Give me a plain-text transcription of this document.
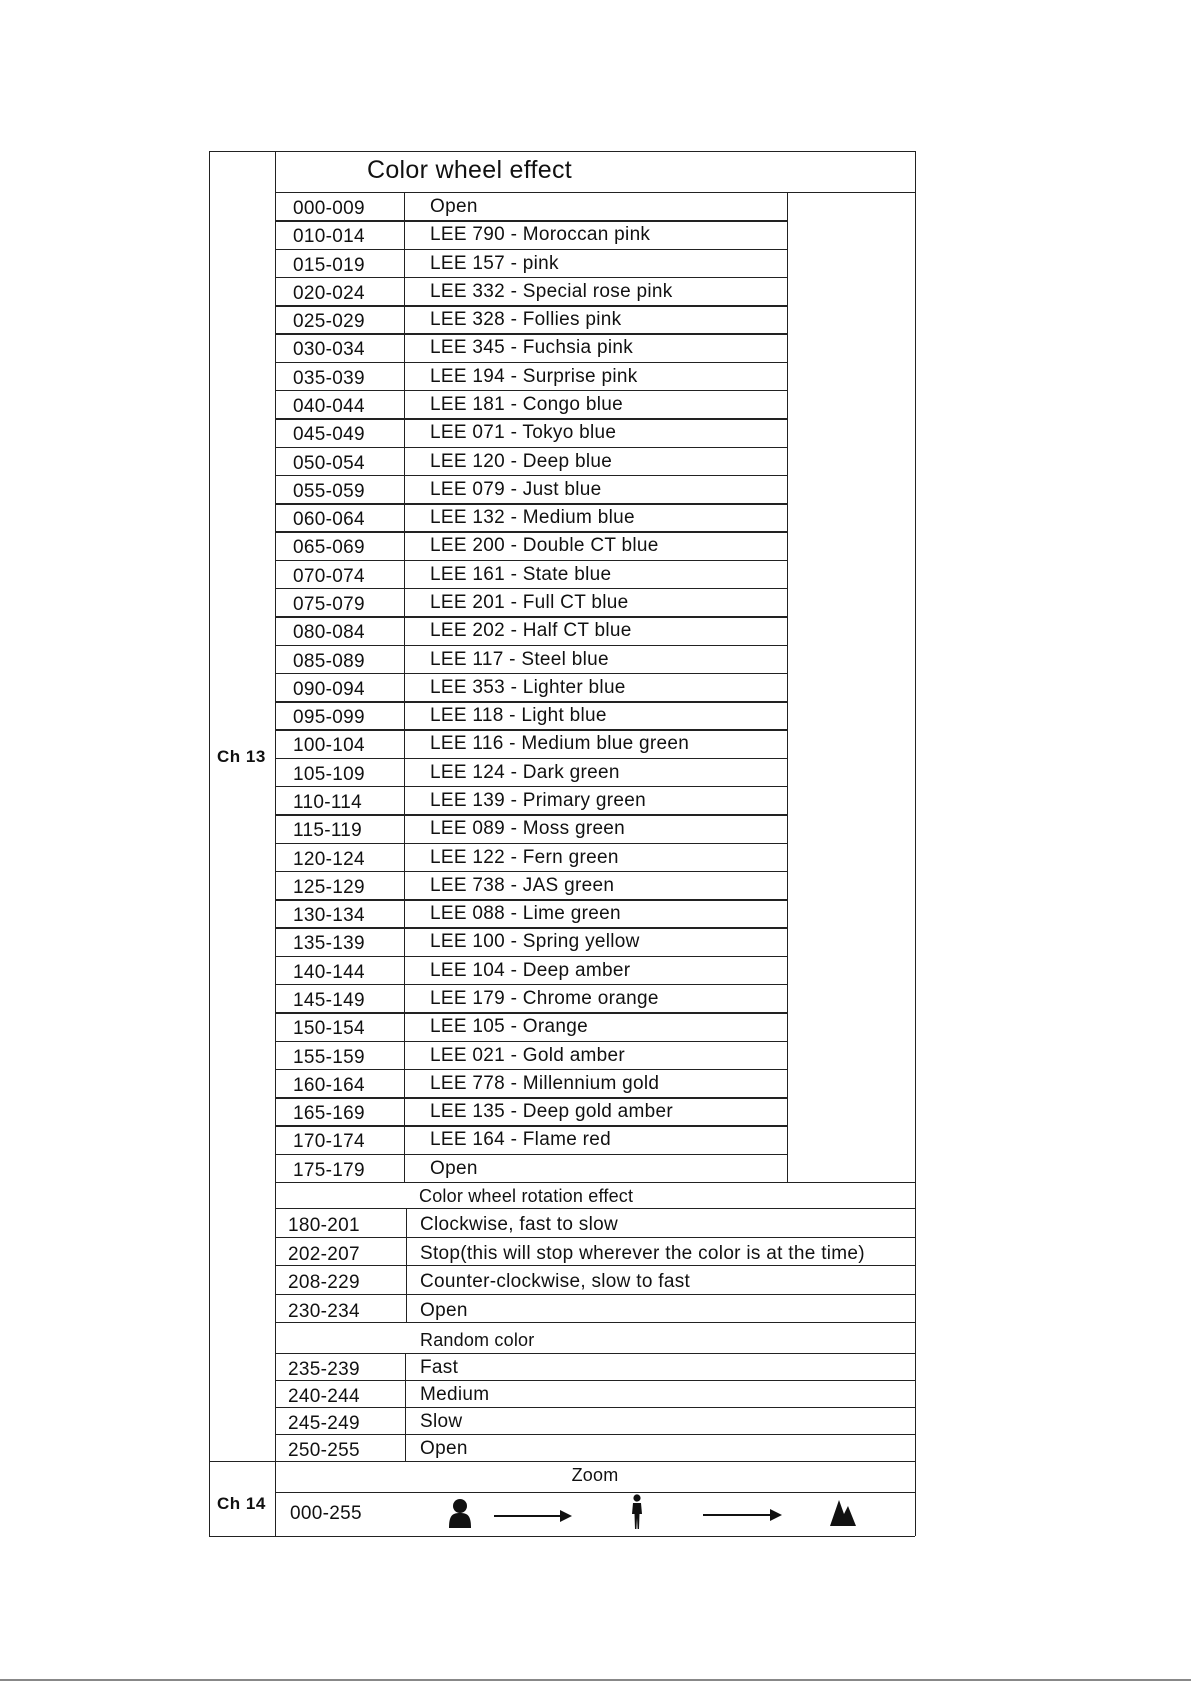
Ch 13
Ch 14
Color wheel effect
000-009	Open
010-014	LEE 790 - Moroccan pink
015-019	LEE 157 - pink
020-024	LEE 332 - Special rose pink
025-029	LEE 328 - Follies pink
030-034	LEE 345 - Fuchsia pink
035-039	LEE 194 - Surprise pink
040-044	LEE 181 - Congo blue
045-049	LEE 071 - Tokyo blue
050-054	LEE 120 - Deep blue
055-059	LEE 079 - Just blue
060-064	LEE 132 - Medium blue
065-069	LEE 200 - Double CT blue
070-074	LEE 161 - State blue
075-079	LEE 201 - Full CT blue
080-084	LEE 202 - Half CT blue
085-089	LEE 117 - Steel blue
090-094	LEE 353 - Lighter blue
095-099	LEE 118 - Light blue
100-104	LEE 116 - Medium blue green
105-109	LEE 124 - Dark green
110-114	LEE 139 - Primary green
115-119	LEE 089 - Moss green
120-124	LEE 122 - Fern green
125-129	LEE 738 - JAS green
130-134	LEE 088 - Lime green
135-139	LEE 100 - Spring yellow
140-144	LEE 104 - Deep amber
145-149	LEE 179 - Chrome orange
150-154	LEE 105 - Orange
155-159	LEE 021 - Gold amber
160-164	LEE 778 - Millennium gold
165-169	LEE 135 - Deep gold amber
170-174	LEE 164 - Flame red
175-179	Open
Color wheel rotation effect
180-201	Clockwise, fast to slow
202-207	Stop(this will stop wherever the color is at the time)
208-229	Counter-clockwise, slow to fast
230-234	Open
Random color
235-239	Fast
240-244	Medium
245-249	Slow
250-255	Open
Zoom
000-255
